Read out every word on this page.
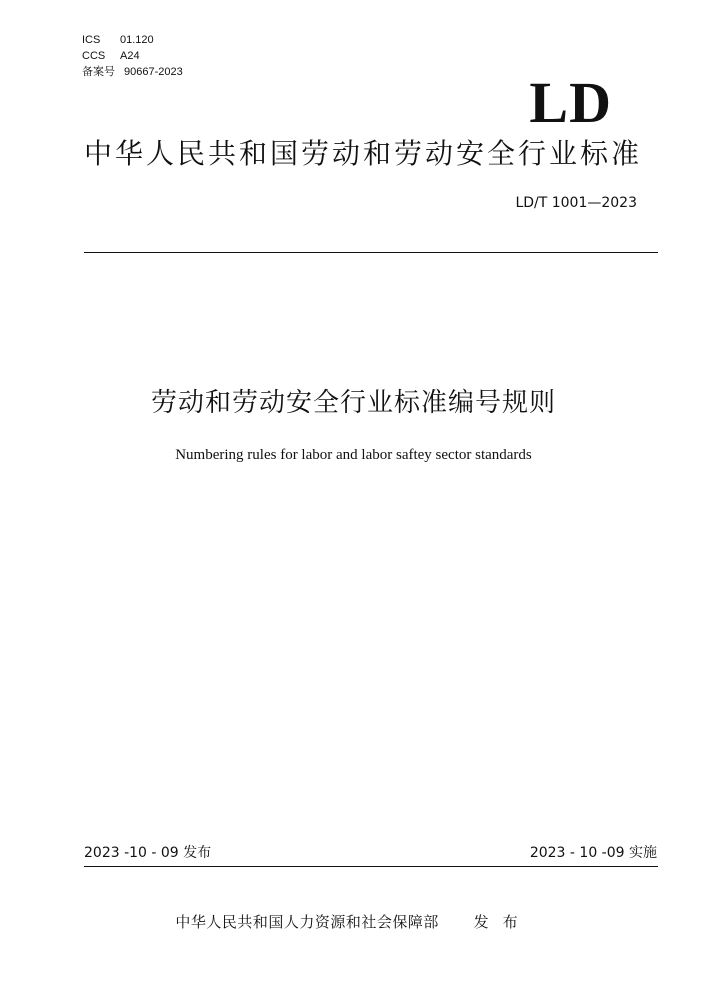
ICS	01.120
CCS	A24
备案号 90667-2023	LD
中华人民共和国劳动和劳动安全行业标准
LD/T 1001—2023
劳动和劳动安全行业标准编号规则
Numbering rules for labor and labor saftey sector standards
2023 -10 - 09 发布	2023 - 10 -09 实施
中华人民共和国人力资源和社会保障部 发布
